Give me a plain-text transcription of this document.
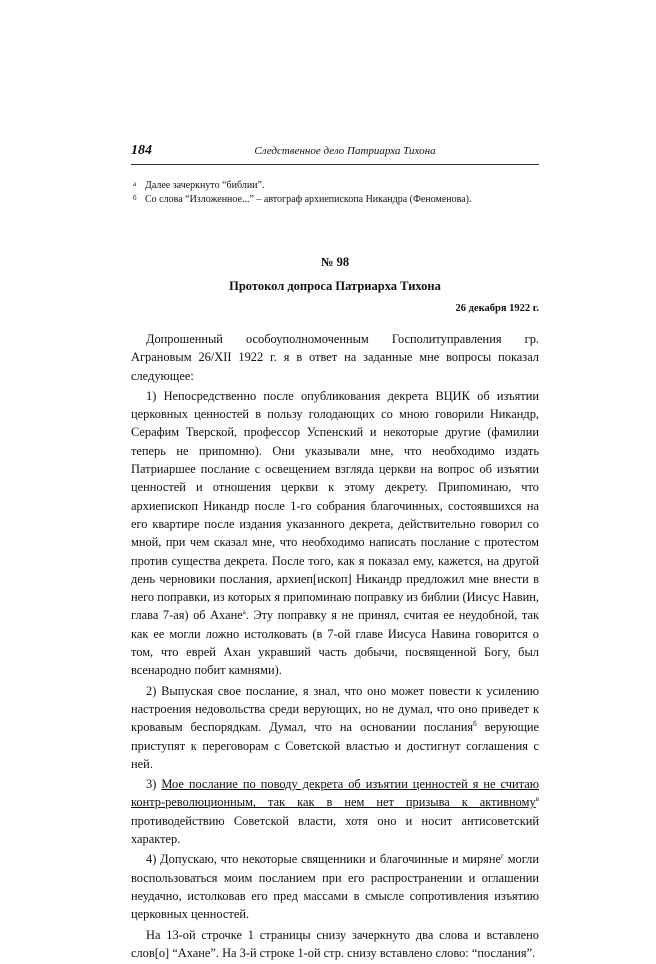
184	Следственное дело Патриарха Тихона
а Далее зачеркнуто “библии”.
б Со слова “Изложенное...” – автограф архиепископа Никандра (Феноменова).
№ 98
Протокол допроса Патриарха Тихона
26 декабря 1922 г.

Допрошенный особоуполномоченным Госполитуправления гр. Аграновым 26/XII 1922 г. я в ответ на заданные мне вопросы показал следующее:

1) Непосредственно после опубликования декрета ВЦИК об изъятии церковных ценностей в пользу голодающих со мною говорили Никандр, Серафим Тверской, профессор Успенский и некоторые другие (фамилии теперь не припомню). Они указывали мне, что необходимо издать Патриаршее послание с освещением взгляда церкви на вопрос об изъятии ценностей и отношения церкви к этому декрету. Припоминаю, что архиепископ Никандр после 1-го собрания благочинных, состоявшихся на его квартире после издания указанного декрета, действительно говорил со мной, при чем сказал мне, что необходимо написать послание с протестом против существа декрета. После того, как я показал ему, кажется, на другой день черновики послания, архиеп[ископ] Никандр предложил мне внести в него поправки, из которых я припоминаю поправку из библии (Иисус Навин, глава 7-ая) об Ахане$^а$. Эту поправку я не принял, считая ее неудобной, так как ее могли ложно истолковать (в 7-ой главе Иисуса Навина говорится о том, что еврей Ахан укравший часть добычи, посвященной Богу, был всенародно побит камнями).

2) Выпуская свое послание, я знал, что оно может повести к усилению настроения недовольства среди верующих, но не думал, что оно приведет к кровавым беспорядкам. Думал, что на основании послания$^б$ верующие приступят к переговорам с Советской властью и достигнут соглашения с ней.

3) Мое послание по поводу декрета об изъятии ценностей я не считаю контр-революционным, так как в нем нет призыва к активному$^в$ противодействию Советской власти, хотя оно и носит антисоветский характер.

4) Допускаю, что некоторые священники и благочинные и миряне$^г$ могли воспользоваться моим посланием при его распространении и оглашении неудачно, истолковав его пред массами в смысле сопротивления изъятию церковных ценностей.

На 13-ой строчке 1 страницы снизу зачеркнуто два слова и вставлено слов[о] “Ахане”. На 3-й строке 1-ой стр. снизу вставлено слово: “послания”.
